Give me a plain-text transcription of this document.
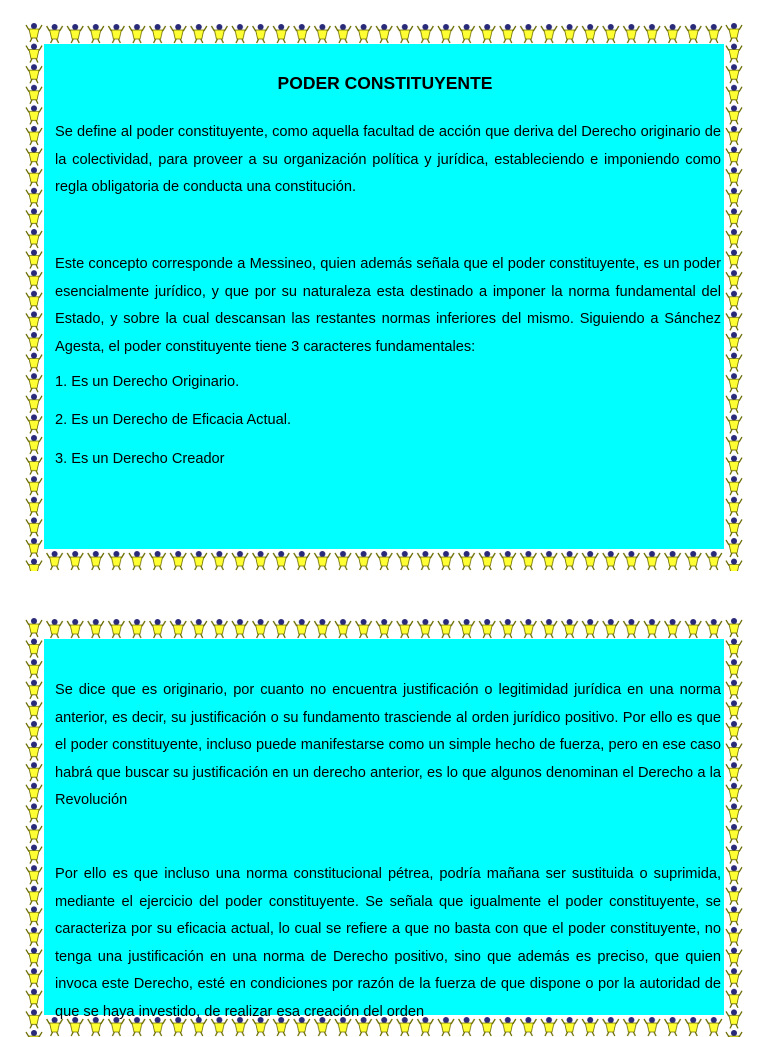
PODER CONSTITUYENTE

Se define al poder constituyente, como aquella facultad de acción que deriva del Derecho originario de la colectividad, para proveer a su organización política y jurídica, estableciendo e imponiendo como regla obligatoria de conducta una constitución.

Este concepto corresponde a Messineo, quien además señala que el poder constituyente, es un poder esencialmente jurídico, y que por su naturaleza esta destinado a imponer la norma fundamental del Estado, y sobre la cual descansan las restantes normas inferiores del mismo. Siguiendo a Sánchez Agesta, el poder constituyente tiene 3 caracteres fundamentales:

1. Es un Derecho Originario.
2. Es un Derecho de Eficacia Actual.
3. Es un Derecho Creador

Se dice que es originario, por cuanto no encuentra justificación o legitimidad jurídica en una norma anterior, es decir, su justificación o su fundamento trasciende al orden jurídico positivo. Por ello es que el poder constituyente, incluso puede manifestarse como un simple hecho de fuerza, pero en ese caso habrá que buscar su justificación en un derecho anterior, es lo que algunos denominan el Derecho a la Revolución

Por ello es que incluso una norma constitucional pétrea, podría mañana ser sustituida o suprimida, mediante el ejercicio del poder constituyente. Se señala que igualmente el poder constituyente, se caracteriza por su eficacia actual, lo cual se refiere a que no basta con que el poder constituyente, no tenga una justificación en una norma de Derecho positivo, sino que además es preciso, que quien invoca este Derecho, esté en condiciones por razón de la fuerza de que dispone o por la autoridad de que se haya investido, de realizar esa creación del orden
